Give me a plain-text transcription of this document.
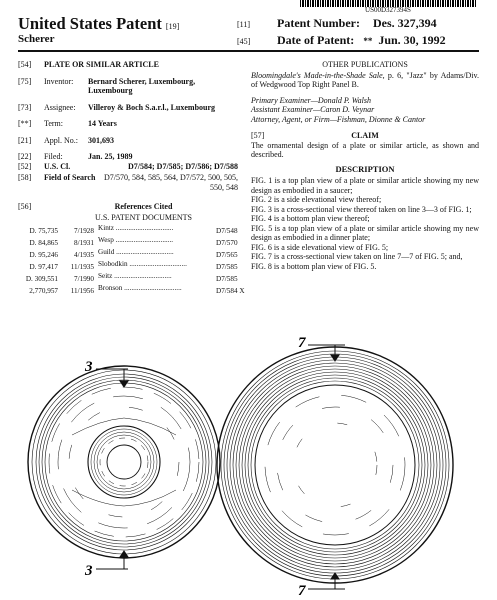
US00D327394S
United States Patent [19]
Scherer
[11] Patent Number: Des. 327,394
[45] Date of Patent: ** Jun. 30, 1992
[54] PLATE OR SIMILAR ARTICLE
[75]	Inventor:	Bernard Scherer, Luxembourg, Luxembourg
[73]	Assignee:	Villeroy & Boch S.a.r.l., Luxembourg
[**]	Term:	14 Years
[21]	Appl. No.:	301,693
[22]	Filed:	Jan. 25, 1989
[52]	U.S. Cl.	D7/584; D7/585; D7/586; D7/588
[58]	Field of Search	D7/570, 584, 585, 564, D7/572, 500, 505, 550, 548
[56]	References Cited
U.S. PATENT DOCUMENTS
D. 75,735 7/1928 Kintz ................................	D7/548
D. 84,865 8/1931 Wesp ................................	D7/570
D. 95,246 4/1935 Guild ................................	D7/565
D. 97,417 11/1935 Slobodkin ................................	D7/585
D. 309,551 7/1990 Seitz ................................	D7/585
2,770,957 11/1956 Bronson ................................	D7/584 X
OTHER PUBLICATIONS
Bloomingdale's Made-in-the-Shade Sale, p. 6, "Jazz" by Adams/Div. of Wedgwood Top Right Panel B.
Primary Examiner—Donald P. Walsh
Assistant Examiner—Caron D. Veynar
Attorney, Agent, or Firm—Fishman, Dionne & Cantor
[57]	CLAIM
The ornamental design of a plate or similar article, as shown and described.
DESCRIPTION
FIG. 1 is a top plan view of a plate or similar article showing my new design as embodied in a saucer;
FIG. 2 is a side elevational view thereof;
FIG. 3 is a cross-sectional view thereof taken on line 3—3 of FIG. 1;
FIG. 4 is a bottom plan view thereof;
FIG. 5 is a top plan view of a plate or similar article showing my new design as embodied in a dinner plate;
FIG. 6 is a side elevational view of FIG. 5;
FIG. 7 is a cross-sectional view taken on line 7—7 of FIG. 5; and,
FIG. 8 is a bottom plan view of FIG. 5.
3
3
7
7
